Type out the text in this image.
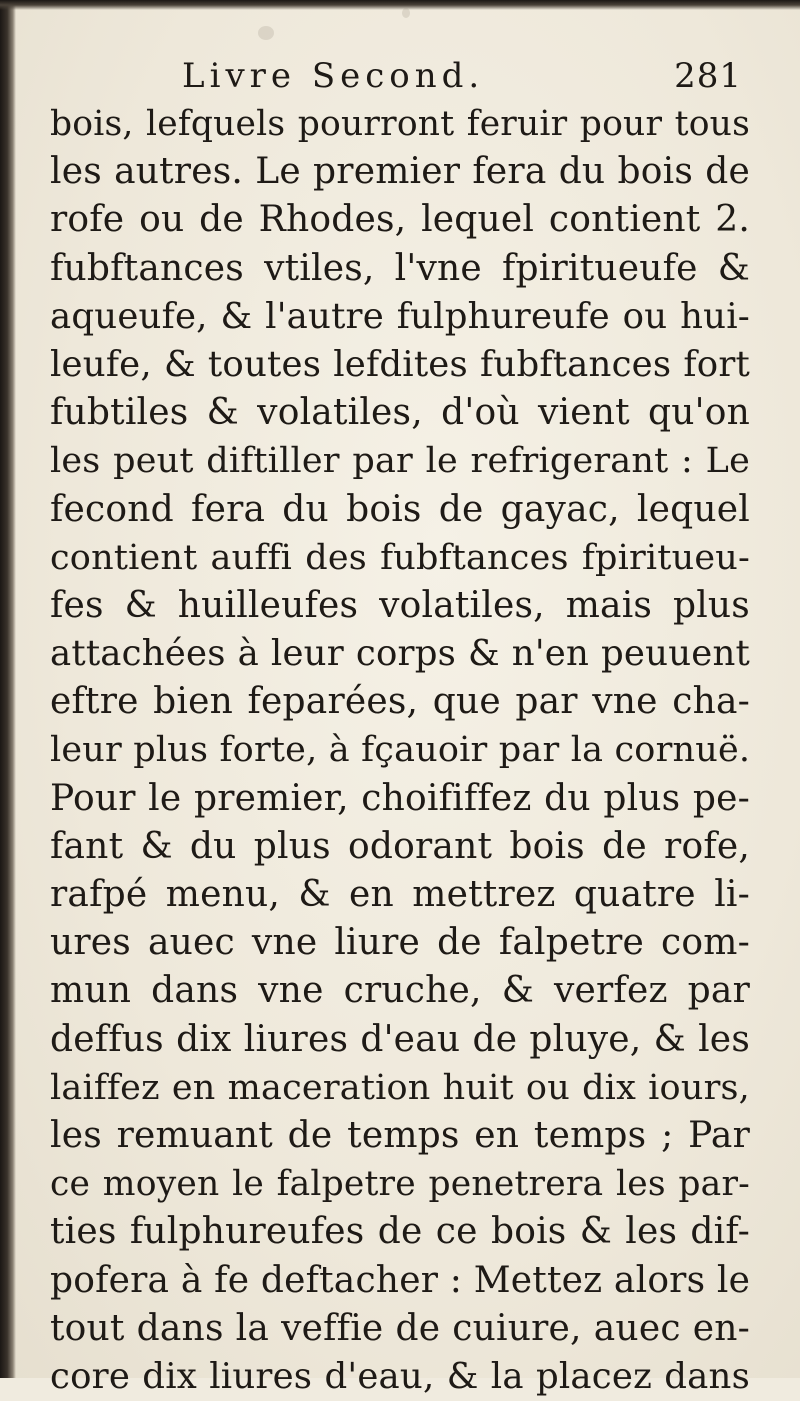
Livre Second.	281
bois, lefquels pourront feruir pour tous
les autres. Le premier fera du bois de
rofe ou de Rhodes, lequel contient 2.
fubftances vtiles, l'vne fpiritueufe &
aqueufe, & l'autre fulphureufe ou hui-
leufe, & toutes lefdites fubftances fort
fubtiles & volatiles, d'où vient qu'on
les peut diftiller par le refrigerant : Le
fecond fera du bois de gayac, lequel
contient auffi des fubftances fpiritueu-
fes & huilleufes volatiles, mais plus
attachées à leur corps & n'en peuuent
eftre bien feparées, que par vne cha-
leur plus forte, à fçauoir par la cornuë.
Pour le premier, choififfez du plus pe-
fant & du plus odorant bois de rofe,
rafpé menu, & en mettrez quatre li-
ures auec vne liure de falpetre com-
mun dans vne cruche, & verfez par
deffus dix liures d'eau de pluye, & les
laiffez en maceration huit ou dix iours,
les remuant de temps en temps ; Par
ce moyen le falpetre penetrera les par-
ties fulphureufes de ce bois & les dif-
pofera à fe deftacher : Mettez alors le
tout dans la veffie de cuiure, auec en-
core dix liures d'eau, & la placez dans
